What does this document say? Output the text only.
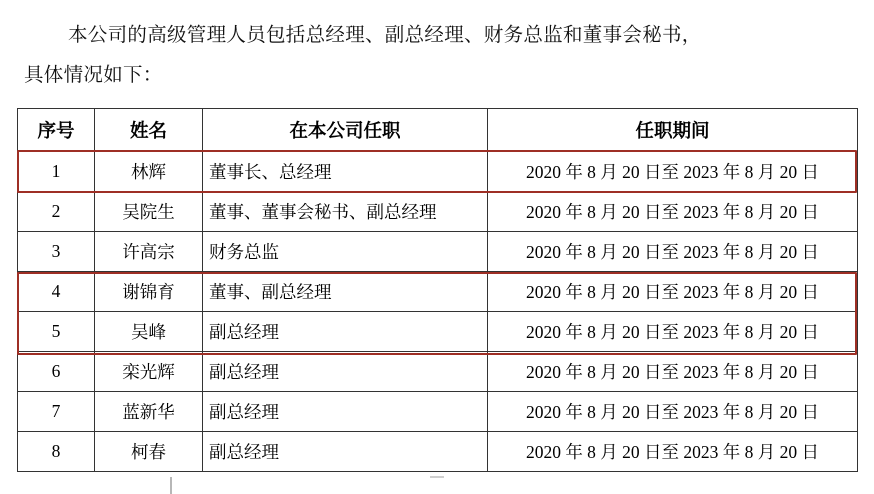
本公司的高级管理人员包括总经理、副总经理、财务总监和董事会秘书，
具体情况如下：
序号	姓名	在本公司任职	任职期间
1	林辉	董事长、总经理	2020 年 8 月 20 日至 2023 年 8 月 20 日
2	吴院生	董事、董事会秘书、副总经理	2020 年 8 月 20 日至 2023 年 8 月 20 日
3	许高宗	财务总监	2020 年 8 月 20 日至 2023 年 8 月 20 日
4	谢锦育	董事、副总经理	2020 年 8 月 20 日至 2023 年 8 月 20 日
5	吴峰	副总经理	2020 年 8 月 20 日至 2023 年 8 月 20 日
6	栾光辉	副总经理	2020 年 8 月 20 日至 2023 年 8 月 20 日
7	蓝新华	副总经理	2020 年 8 月 20 日至 2023 年 8 月 20 日
8	柯春	副总经理	2020 年 8 月 20 日至 2023 年 8 月 20 日
